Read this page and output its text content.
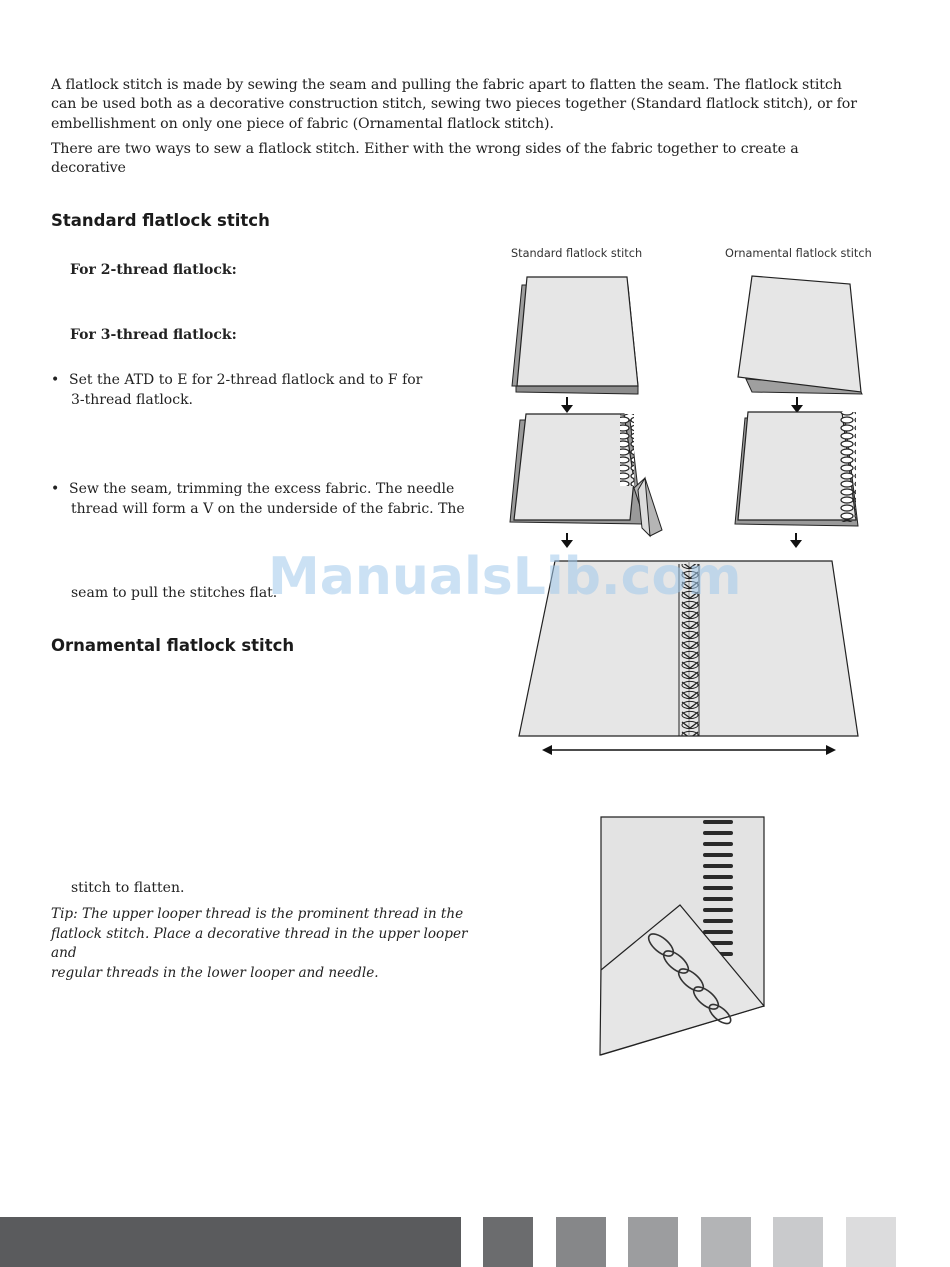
A flatlock stitch is made by sewing the seam and pulling the fabric apart to flatten the seam. The flatlock stitch
can be used both as a decorative construction stitch, sewing two pieces together (Standard flatlock stitch), or for
embellishment on only one piece of fabric (Ornamental flatlock stitch).

There are two ways to sew a flatlock stitch. Either with the wrong sides of the fabric together to create a decorative

Standard flatlock stitch
For 2-thread flatlock:
For 3-thread flatlock:
• Set the ATD to E for 2-thread flatlock and to F for
3-thread flatlock.
• Sew the seam, trimming the excess fabric. The needle
thread will form a V on the underside of the fabric. The
seam to pull the stitches flat.
Ornamental flatlock stitch
stitch to flatten.
Tip: The upper looper thread is the prominent thread in the
flatlock stitch. Place a decorative thread in the upper looper and
regular threads in the lower looper and needle.
Standard flatlock stitch	Ornamental flatlock stitch
ManualsLib.com
